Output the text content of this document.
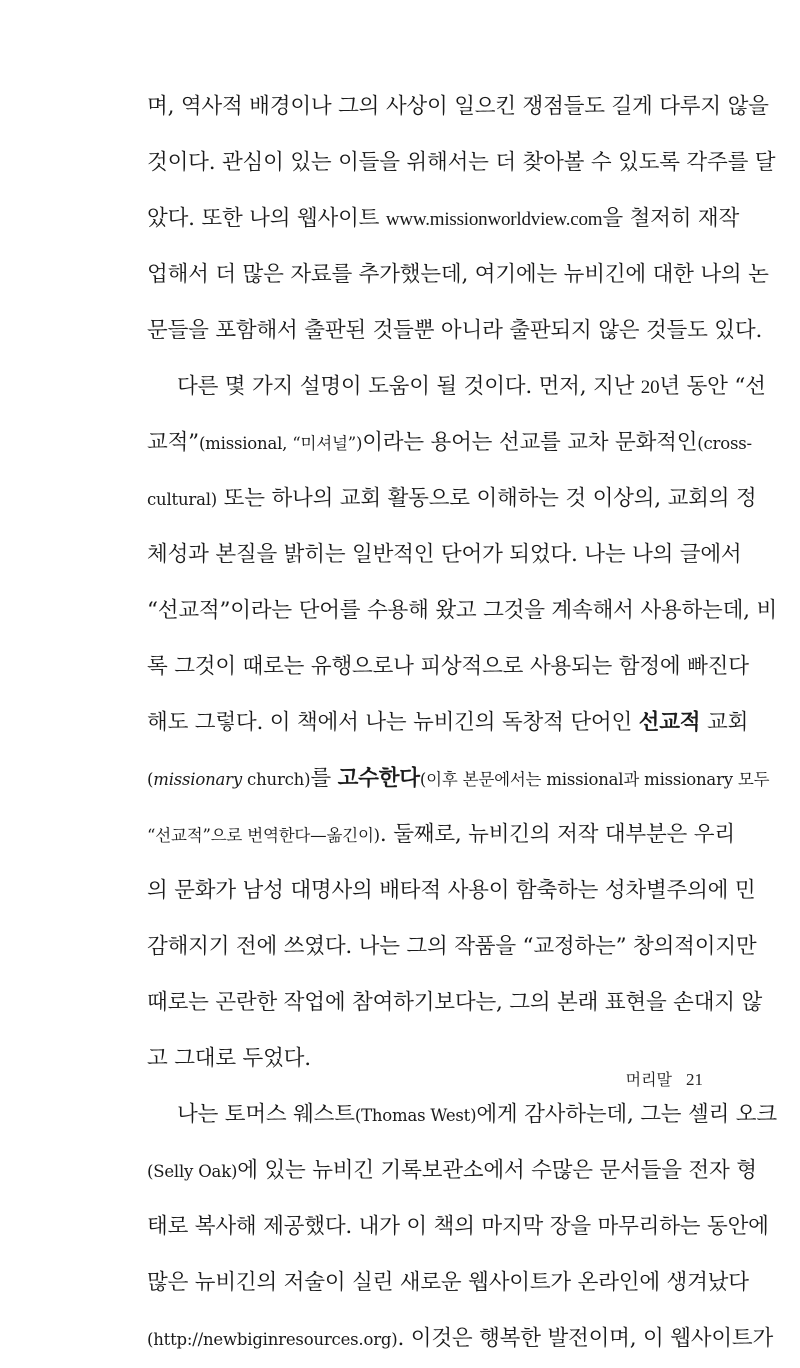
며, 역사적 배경이나 그의 사상이 일으킨 쟁점들도 길게 다루지 않을
것이다. 관심이 있는 이들을 위해서는 더 찾아볼 수 있도록 각주를 달
았다. 또한 나의 웹사이트 www.missionworldview.com을 철저히 재작
업해서 더 많은 자료를 추가했는데, 여기에는 뉴비긴에 대한 나의 논
문들을 포함해서 출판된 것들뿐 아니라 출판되지 않은 것들도 있다.
다른 몇 가지 설명이 도움이 될 것이다. 먼저, 지난 20년 동안 “선
교적”(missional, “미셔널”)이라는 용어는 선교를 교차 문화적인(cross-
cultural) 또는 하나의 교회 활동으로 이해하는 것 이상의, 교회의 정
체성과 본질을 밝히는 일반적인 단어가 되었다. 나는 나의 글에서
“선교적”이라는 단어를 수용해 왔고 그것을 계속해서 사용하는데, 비
록 그것이 때로는 유행으로나 피상적으로 사용되는 함정에 빠진다
해도 그렇다. 이 책에서 나는 뉴비긴의 독창적 단어인 선교적 교회
(missionary church)를 고수한다(이후 본문에서는 missional과 missionary 모두
“선교적”으로 번역한다—옮긴이). 둘째로, 뉴비긴의 저작 대부분은 우리
의 문화가 남성 대명사의 배타적 사용이 함축하는 성차별주의에 민
감해지기 전에 쓰였다. 나는 그의 작품을 “교정하는” 창의적이지만
때로는 곤란한 작업에 참여하기보다는, 그의 본래 표현을 손대지 않
고 그대로 두었다.
나는 토머스 웨스트(Thomas West)에게 감사하는데, 그는 셀리 오크
(Selly Oak)에 있는 뉴비긴 기록보관소에서 수많은 문서들을 전자 형
태로 복사해 제공했다. 내가 이 책의 마지막 장을 마무리하는 동안에
많은 뉴비긴의 저술이 실린 새로운 웹사이트가 온라인에 생겨났다
(http://newbiginresources.org). 이것은 행복한 발전이며, 이 웹사이트가
머리말 21
